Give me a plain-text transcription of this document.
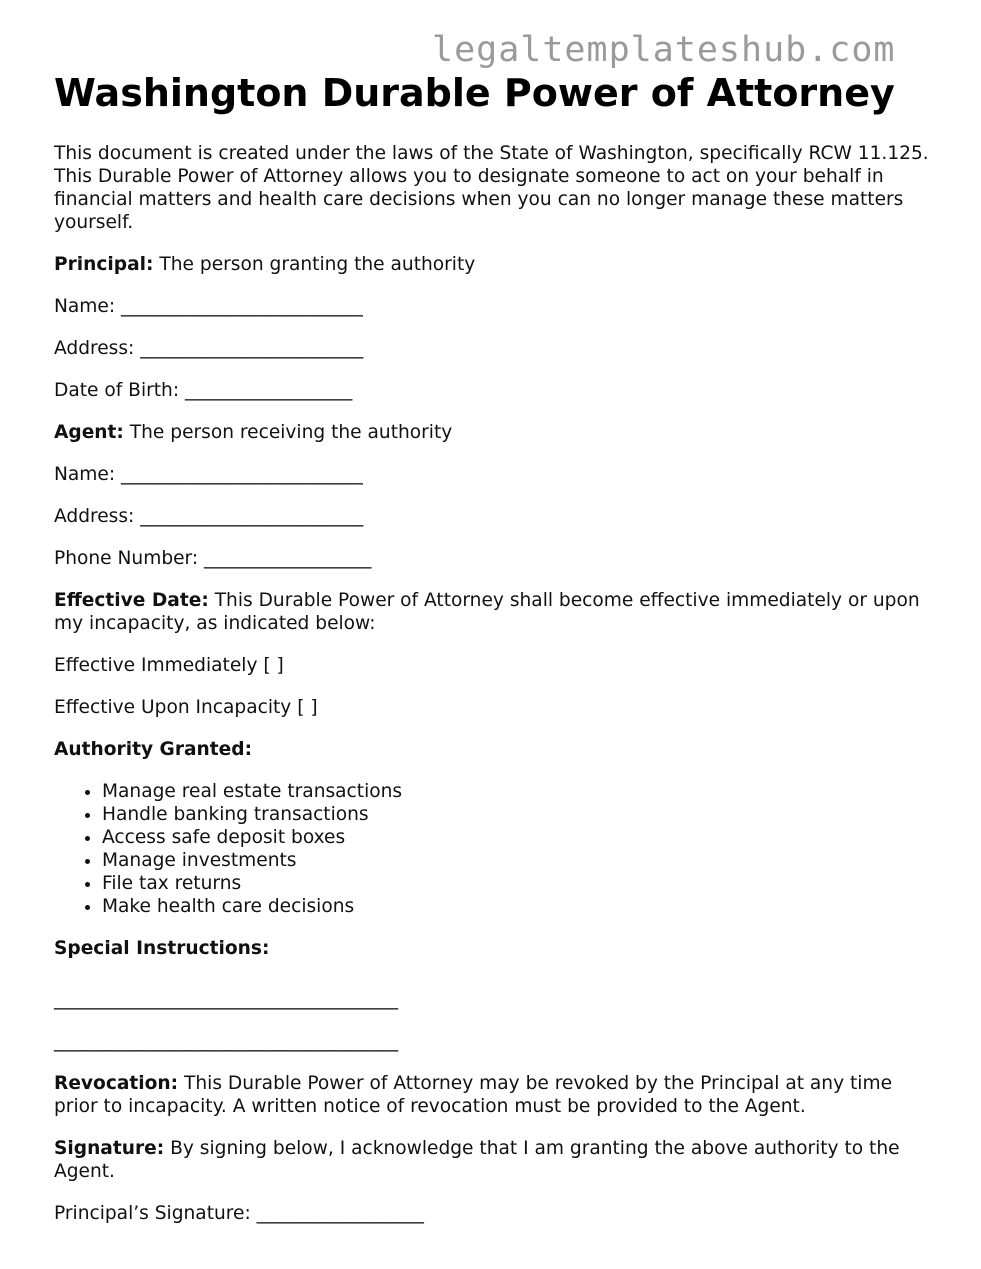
legaltemplateshub.com
Washington Durable Power of Attorney

This document is created under the laws of the State of Washington, specifically RCW 11.125. This Durable Power of Attorney allows you to designate someone to act on your behalf in financial matters and health care decisions when you can no longer manage these matters yourself.

Principal: The person granting the authority

Name: __________________________

Address: ________________________

Date of Birth: __________________

Agent: The person receiving the authority

Name: __________________________

Address: ________________________

Phone Number: __________________

Effective Date: This Durable Power of Attorney shall become effective immediately or upon my incapacity, as indicated below:

Effective Immediately [ ]

Effective Upon Incapacity [ ]

Authority Granted:

• Manage real estate transactions
• Handle banking transactions
• Access safe deposit boxes
• Manage investments
• File tax returns
• Make health care decisions

Special Instructions:

_____________________________________

_____________________________________

Revocation: This Durable Power of Attorney may be revoked by the Principal at any time prior to incapacity. A written notice of revocation must be provided to the Agent.

Signature: By signing below, I acknowledge that I am granting the above authority to the Agent.

Principal’s Signature: __________________
